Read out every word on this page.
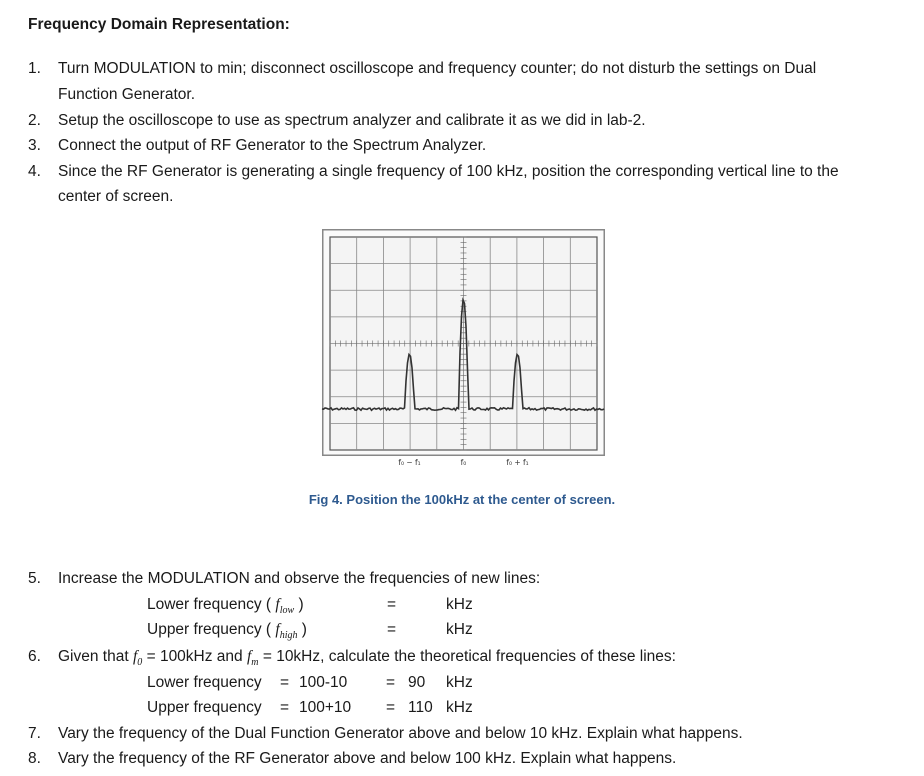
Frequency Domain Representation:
1. Turn MODULATION to min; disconnect oscilloscope and frequency counter; do not disturb the settings on Dual
Function Generator.
2. Setup the oscilloscope to use as spectrum analyzer and calibrate it as we did in lab-2.
3. Connect the output of RF Generator to the Spectrum Analyzer.
4. Since the RF Generator is generating a single frequency of 100 kHz, position the corresponding vertical line to the
center of screen.
f₀ − f₁	f₀	f₀ + f₁
Fig 4. Position the 100kHz at the center of screen.
5. Increase the MODULATION and observe the frequencies of new lines:
Lower frequency ( $f_{low}$ )	=	kHz
Upper frequency ( $f_{high}$ )	=	kHz
6. Given that $f_0 = 100kHz$ and $f_m = 10kHz$, calculate the theoretical frequencies of these lines:
Lower frequency = 100-10 = 90 kHz
Upper frequency = 100+10 = 110 kHz
7. Vary the frequency of the Dual Function Generator above and below 10 kHz. Explain what happens.
8. Vary the frequency of the RF Generator above and below 100 kHz. Explain what happens.
